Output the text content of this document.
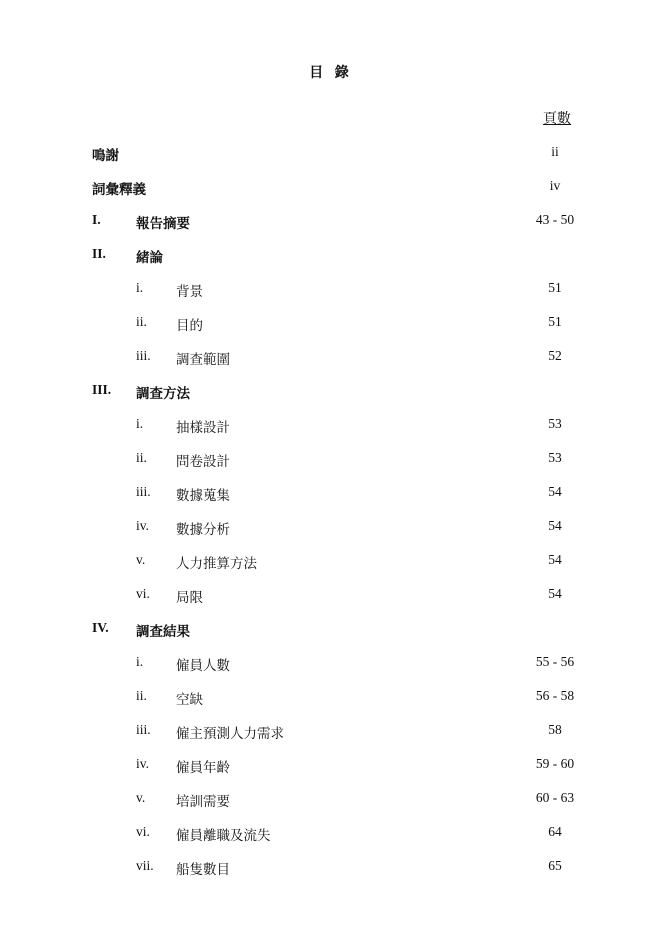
目 錄
頁數
鳴謝	ii
詞彙釋義	iv
I.	報告摘要	43 - 50
II. 緒論
i. 背景	51
ii. 目的	51
iii. 調查範圍	52
III. 調查方法
i. 抽樣設計	53
ii. 問卷設計	53
iii. 數據蒐集	54
iv. 數據分析	54
v. 人力推算方法	54
vi. 局限	54
IV. 調查結果
i. 僱員人數	55 - 56
ii. 空缺	56 - 58
iii. 僱主預測人力需求	58
iv. 僱員年齡	59 - 60
v. 培訓需要	60 - 63
vi. 僱員離職及流失	64
vii. 船隻數目	65
